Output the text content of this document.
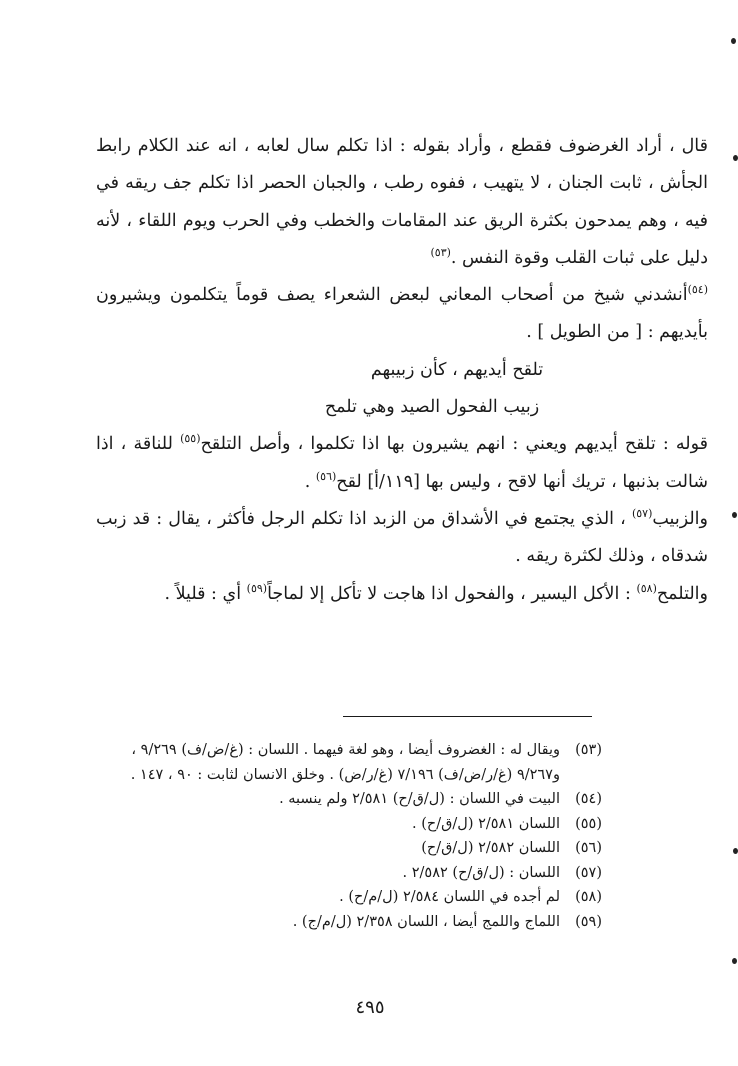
قال ، أراد الغرضوف فقطع ، وأراد بقوله : اذا تكلم سال لعابه ، انه عند الكلام رابط الجأش ، ثابت الجنان ، لا يتهيب ، ففوه رطب ، والجبان الحصر اذا تكلم جف ريقه في فيه ، وهم يمدحون بكثرة الريق عند المقامات والخطب وفي الحرب ويوم اللقاء ، لأنه دليل على ثبات القلب وقوة النفس .$^{(٥٣)}$

$^{(٥٤)}$أنشدني شيخ من أصحاب المعاني لبعض الشعراء يصف قوماً يتكلمون ويشيرون بأيديهم : [ من الطويل ] .

تلقح أيديهم ، كأن زبيبهم

زبيب الفحول الصيد وهي تلمح

قوله : تلقح أيديهم ويعني : انهم يشيرون بها اذا تكلموا ، وأصل التلقح$^{(٥٥)}$ للناقة ، اذا شالت بذنبها ، تريك أنها لاقح ، وليس بها [١١٩/أ] لقح$^{(٥٦)}$ .

والزبيب$^{(٥٧)}$ ، الذي يجتمع في الأشداق من الزبد اذا تكلم الرجل فأكثر ، يقال : قد زبب شدقاه ، وذلك لكثرة ريقه .

والتلمح$^{(٥٨)}$ : الأكل اليسير ، والفحول اذا هاجت لا تأكل إلا لماجاً$^{(٥٩)}$ أي : قليلاً .

(٥٣)
ويقال له : الغضروف أيضا ، وهو لغة فيهما . اللسان : (غ/ض/ف) ٩/٢٦٩ ، و٩/٢٦٧ (غ/ر/ض/ف) ٧/١٩٦ (غ/ر/ض) . وخلق الانسان لثابت : ٩٠ ، ١٤٧ .
(٥٤)
البيت في اللسان : (ل/ق/ح) ٢/٥٨١ ولم ينسبه .
(٥٥)
اللسان ٢/٥٨١ (ل/ق/ح) .
(٥٦)
اللسان ٢/٥٨٢ (ل/ق/ح)
(٥٧)
اللسان : (ل/ق/ح) ٢/٥٨٢ .
(٥٨)
لم أجده في اللسان ٢/٥٨٤ (ل/م/ح) .
(٥٩)
اللماج واللمج أيضا ، اللسان ٢/٣٥٨ (ل/م/ج) .
٤٩٥
